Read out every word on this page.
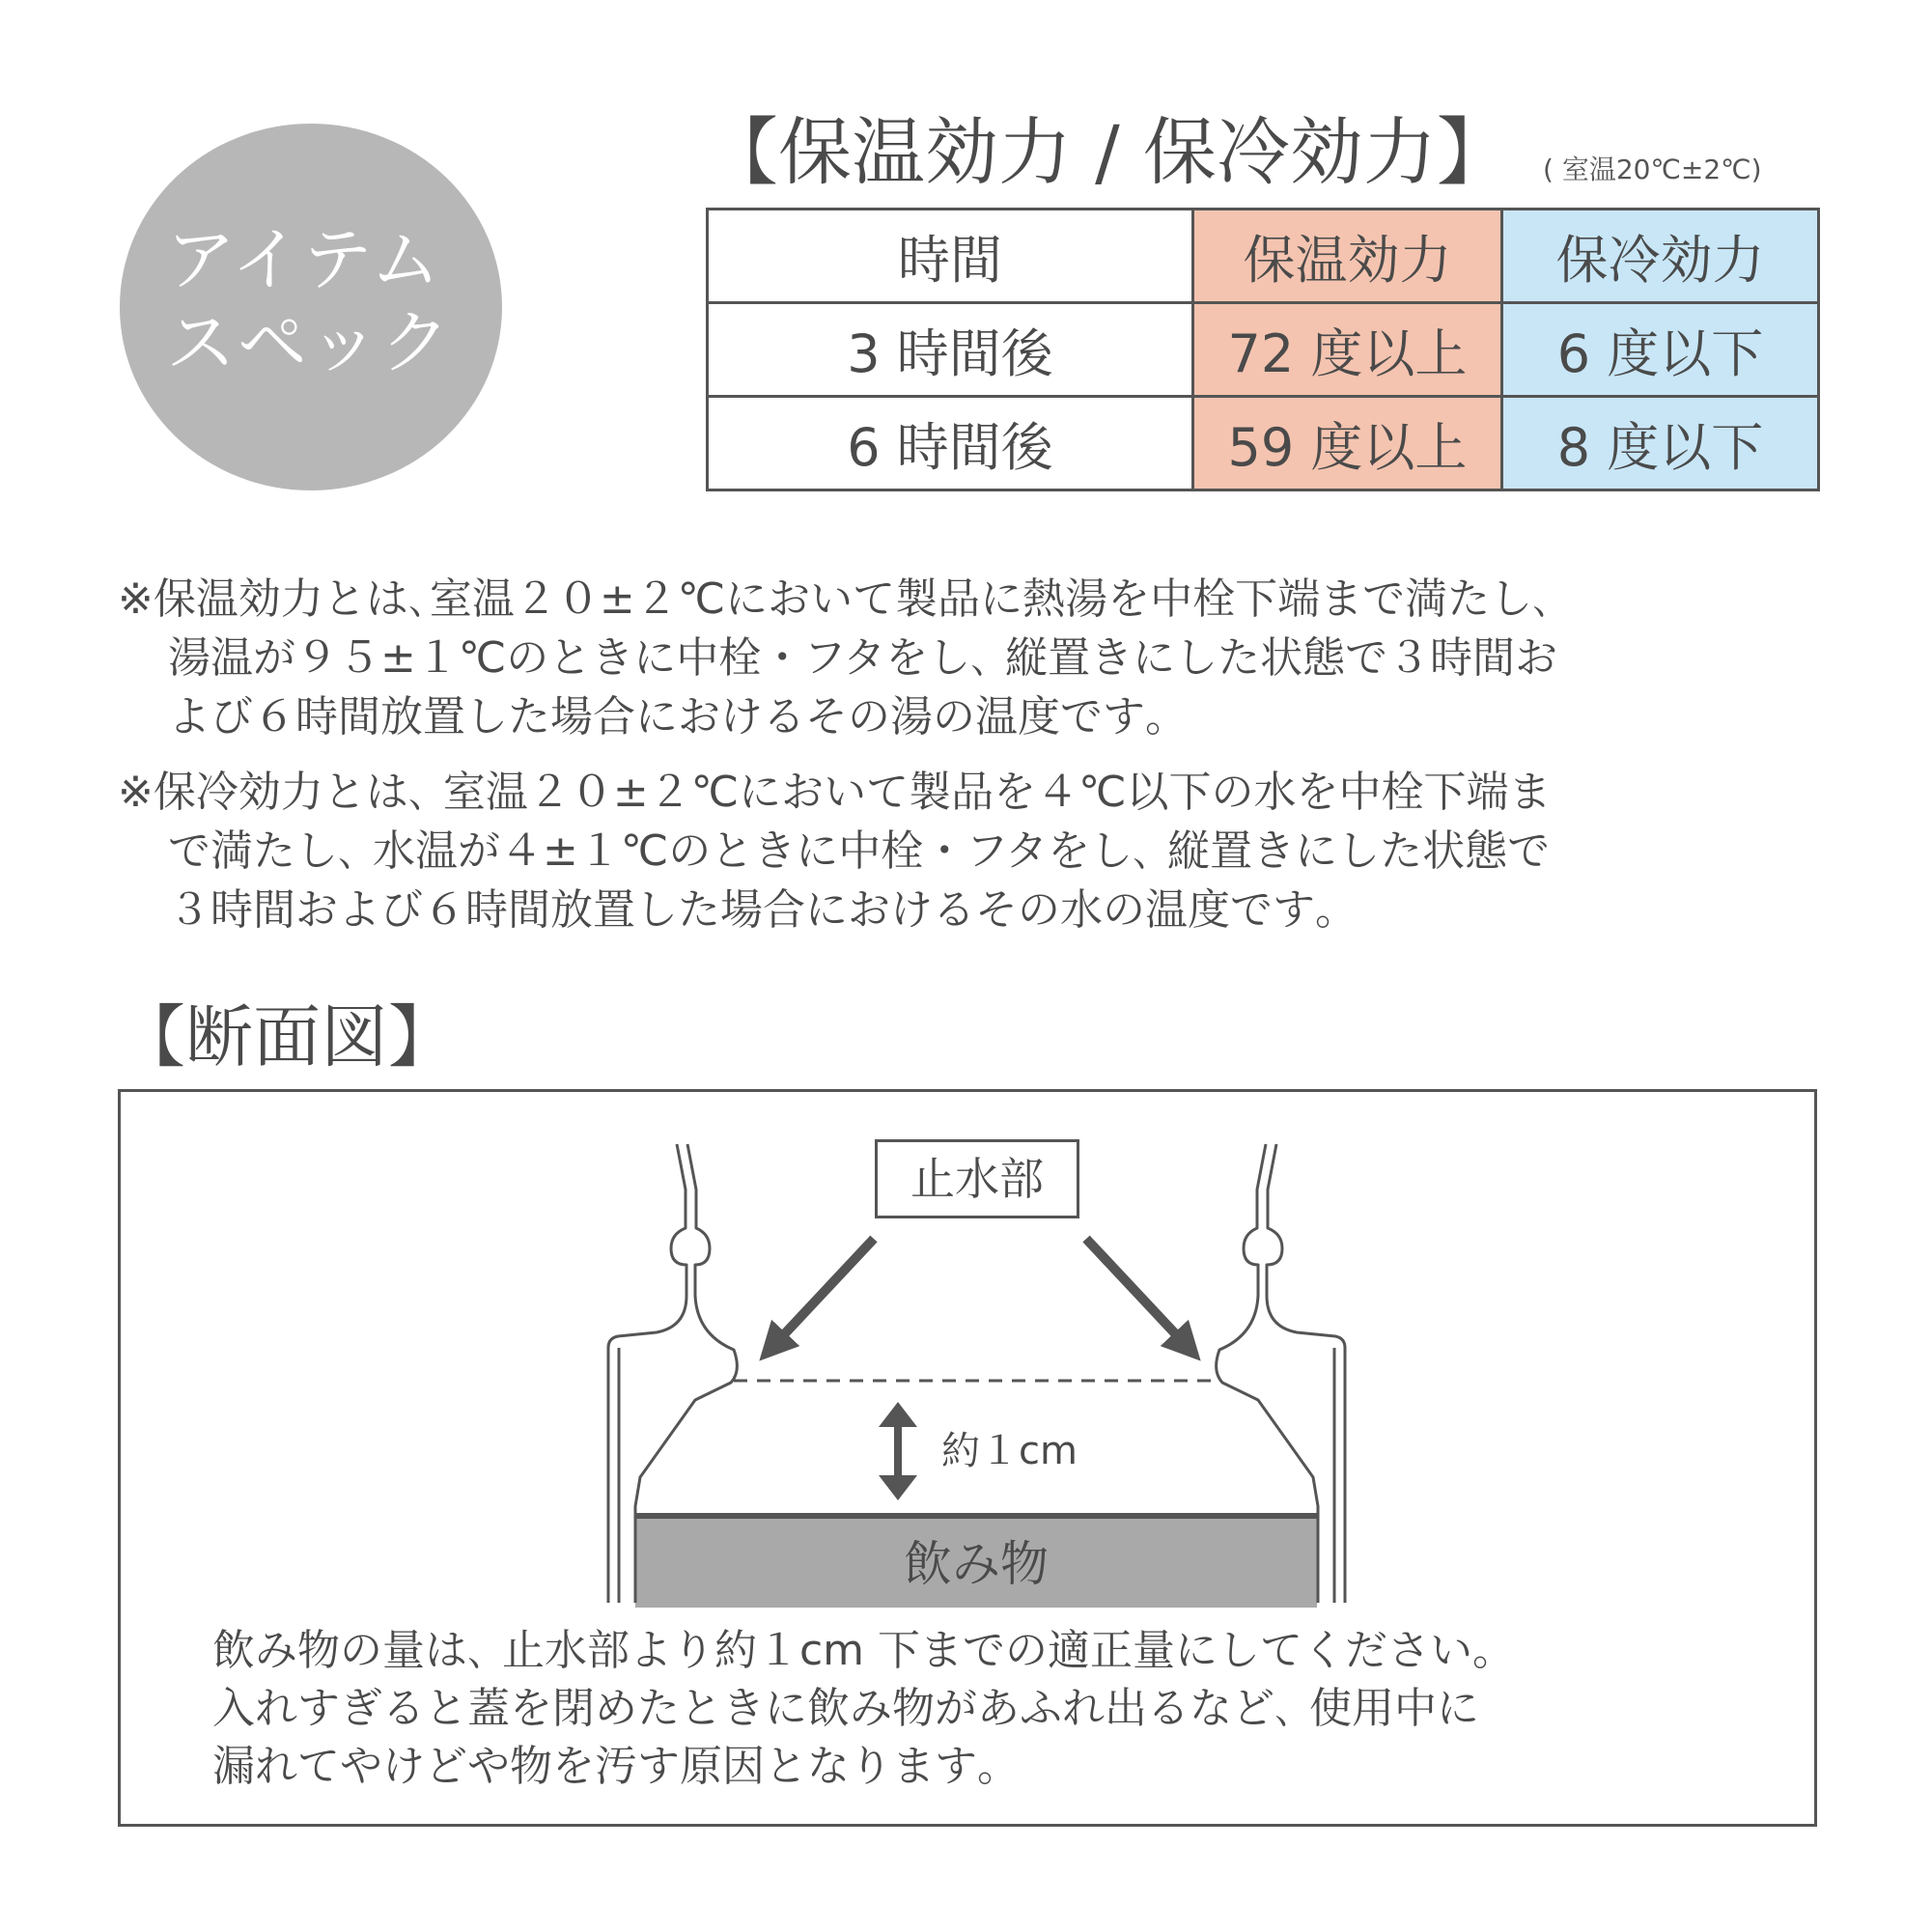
アイテム
スペック
【保温効力 / 保冷効力】 ( 室温20℃±2℃)
時間	保温効力	保冷効力
3 時間後	72 度以上	6 度以下
6 時間後	59 度以上	8 度以下
※保温効力とは､室温２０±２℃において製品に熱湯を中栓下端まで満たし､
湯温が９５±１℃のときに中栓・フタをし､ 縦置きにした状態で３時間お
よび６時間放置した場合におけるその湯の温度です｡
※保冷効力とは､ 室温２０±２℃において製品を４℃以下の水を中栓下端ま
で満たし､ 水温が４±１℃のときに中栓・フタをし､ 縦置きにした状態で
３時間および６時間放置した場合におけるその水の温度です｡
【断面図】
止水部
約１cm
飲み物
飲み物の量は､ 止水部より約１cm 下までの適正量にしてください｡
入れすぎると蓋を閉めたときに飲み物があふれ出るなど､ 使用中に
漏れてやけどや物を汚す原因となります｡
